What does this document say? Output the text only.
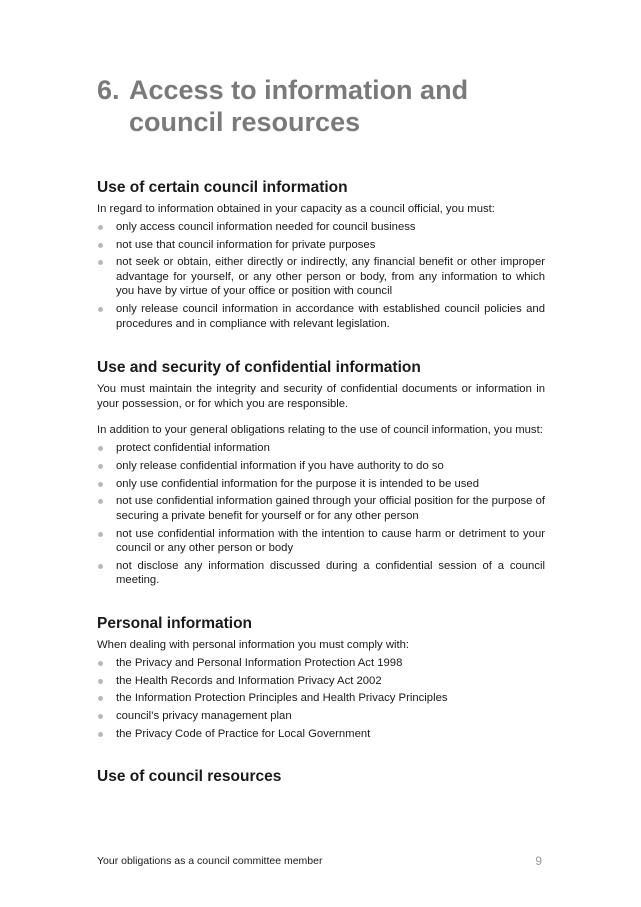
6. Access to information and council resources
Use of certain council information

In regard to information obtained in your capacity as a council official, you must:

only access council information needed for council business
not use that council information for private purposes
not seek or obtain, either directly or indirectly, any financial benefit or other improper advantage for yourself, or any other person or body, from any information to which you have by virtue of your office or position with council
only release council information in accordance with established council policies and procedures and in compliance with relevant legislation.
Use and security of confidential information

You must maintain the integrity and security of confidential documents or information in your possession, or for which you are responsible.

In addition to your general obligations relating to the use of council information, you must:

protect confidential information
only release confidential information if you have authority to do so
only use confidential information for the purpose it is intended to be used
not use confidential information gained through your official position for the purpose of securing a private benefit for yourself or for any other person
not use confidential information with the intention to cause harm or detriment to your council or any other person or body
not disclose any information discussed during a confidential session of a council meeting.
Personal information

When dealing with personal information you must comply with:

the Privacy and Personal Information Protection Act 1998
the Health Records and Information Privacy Act 2002
the Information Protection Principles and Health Privacy Principles
council’s privacy management plan
the Privacy Code of Practice for Local Government
Use of council resources
Your obligations as a council committee member	9
